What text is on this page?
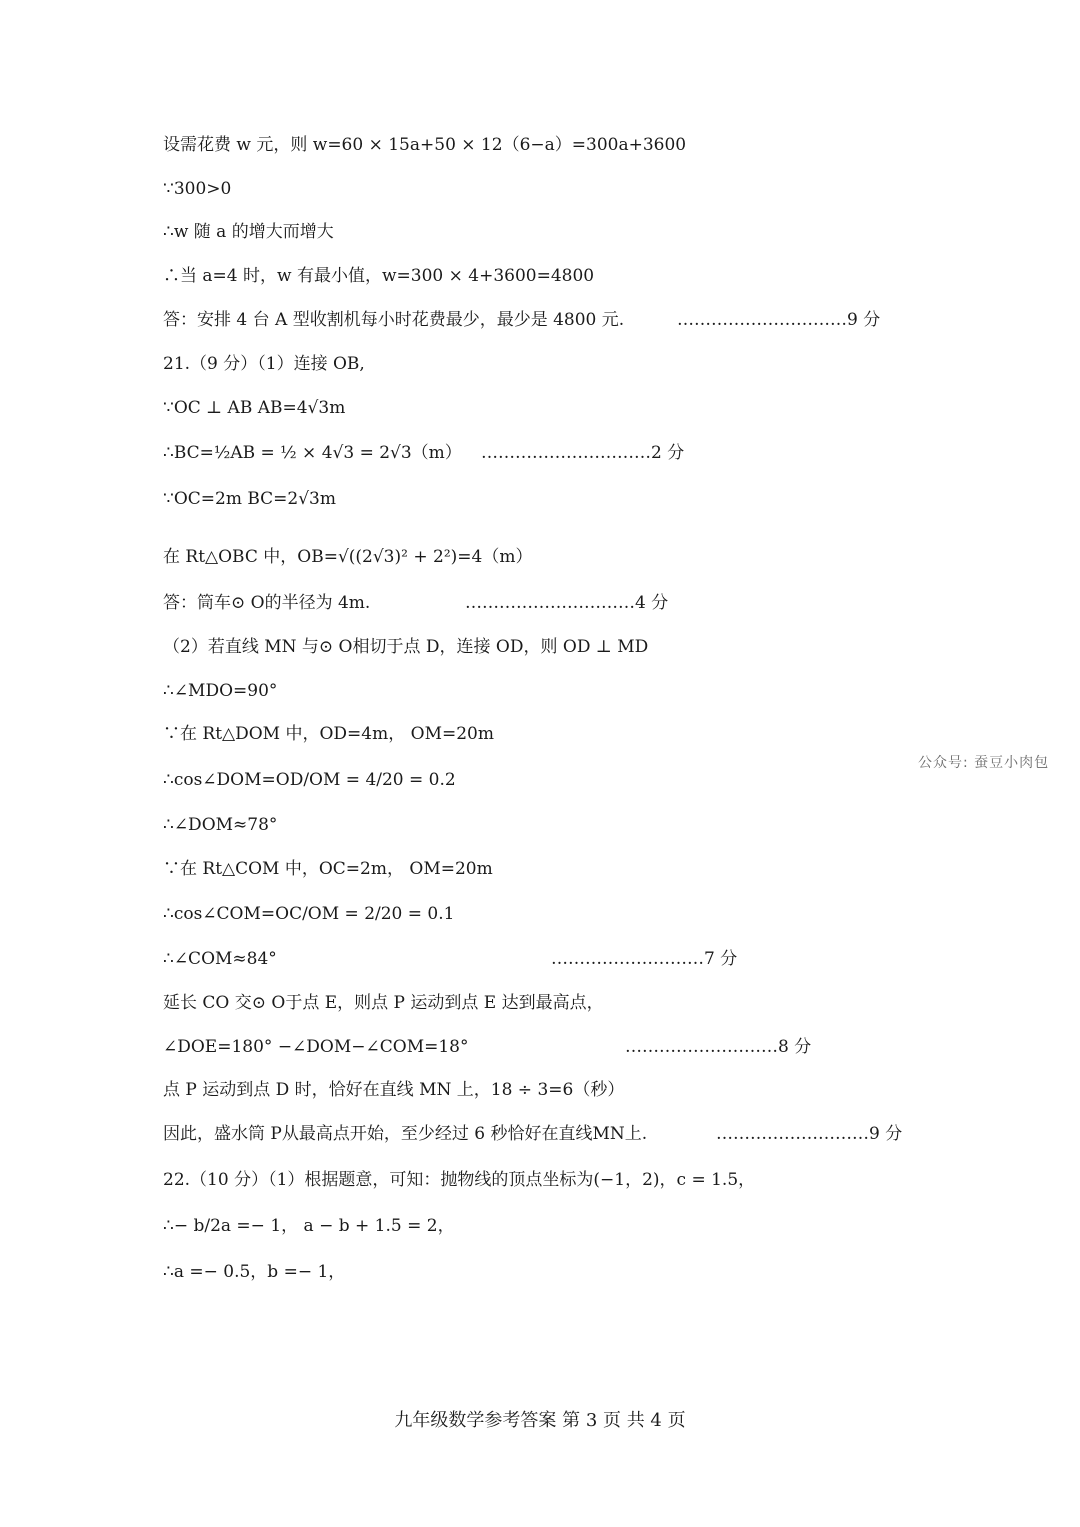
设需花费 w 元，则 w=60 × 15a+50 × 12（6−a）=300a+3600
∵300>0
∴w 随 a 的增大而增大
∴当 a=4 时，w 有最小值，w=300 × 4+3600=4800
答：安排 4 台 A 型收割机每小时花费最少，最少是 4800 元.	…………………………9 分
21.（9 分）（1）连接 OB,
∵OC ⊥ AB AB=4√3m
∴BC=½AB = ½ × 4√3 = 2√3（m） …………………………2 分
∵OC=2m BC=2√3m
在 Rt△OBC 中，OB=√((2√3)² + 2²)=4（m）
答：筒车⊙ O的半径为 4m.	…………………………4 分
（2）若直线 MN 与⊙ O相切于点 D，连接 OD，则 OD ⊥ MD
∴∠MDO=90°
∵在 Rt△DOM 中，OD=4m， OM=20m
∴cos∠DOM=OD/OM = 4/20 = 0.2
∴∠DOM≈78°
∵在 Rt△COM 中，OC=2m， OM=20m
∴cos∠COM=OC/OM = 2/20 = 0.1
∴∠COM≈84°	………………………7 分
延长 CO 交⊙ O于点 E，则点 P 运动到点 E 达到最高点，
∠DOE=180° −∠DOM−∠COM=18°	………………………8 分
点 P 运动到点 D 时，恰好在直线 MN 上，18 ÷ 3=6（秒）
因此，盛水筒 P从最高点开始，至少经过 6 秒恰好在直线MN上.	………………………9 分
22.（10 分）（1）根据题意，可知：抛物线的顶点坐标为(−1，2)，c = 1.5，
∴− b/2a =− 1， a − b + 1.5 = 2，
∴a =− 0.5，b =− 1，
公众号: 蚕豆小肉包
九年级数学参考答案 第 3 页 共 4 页
